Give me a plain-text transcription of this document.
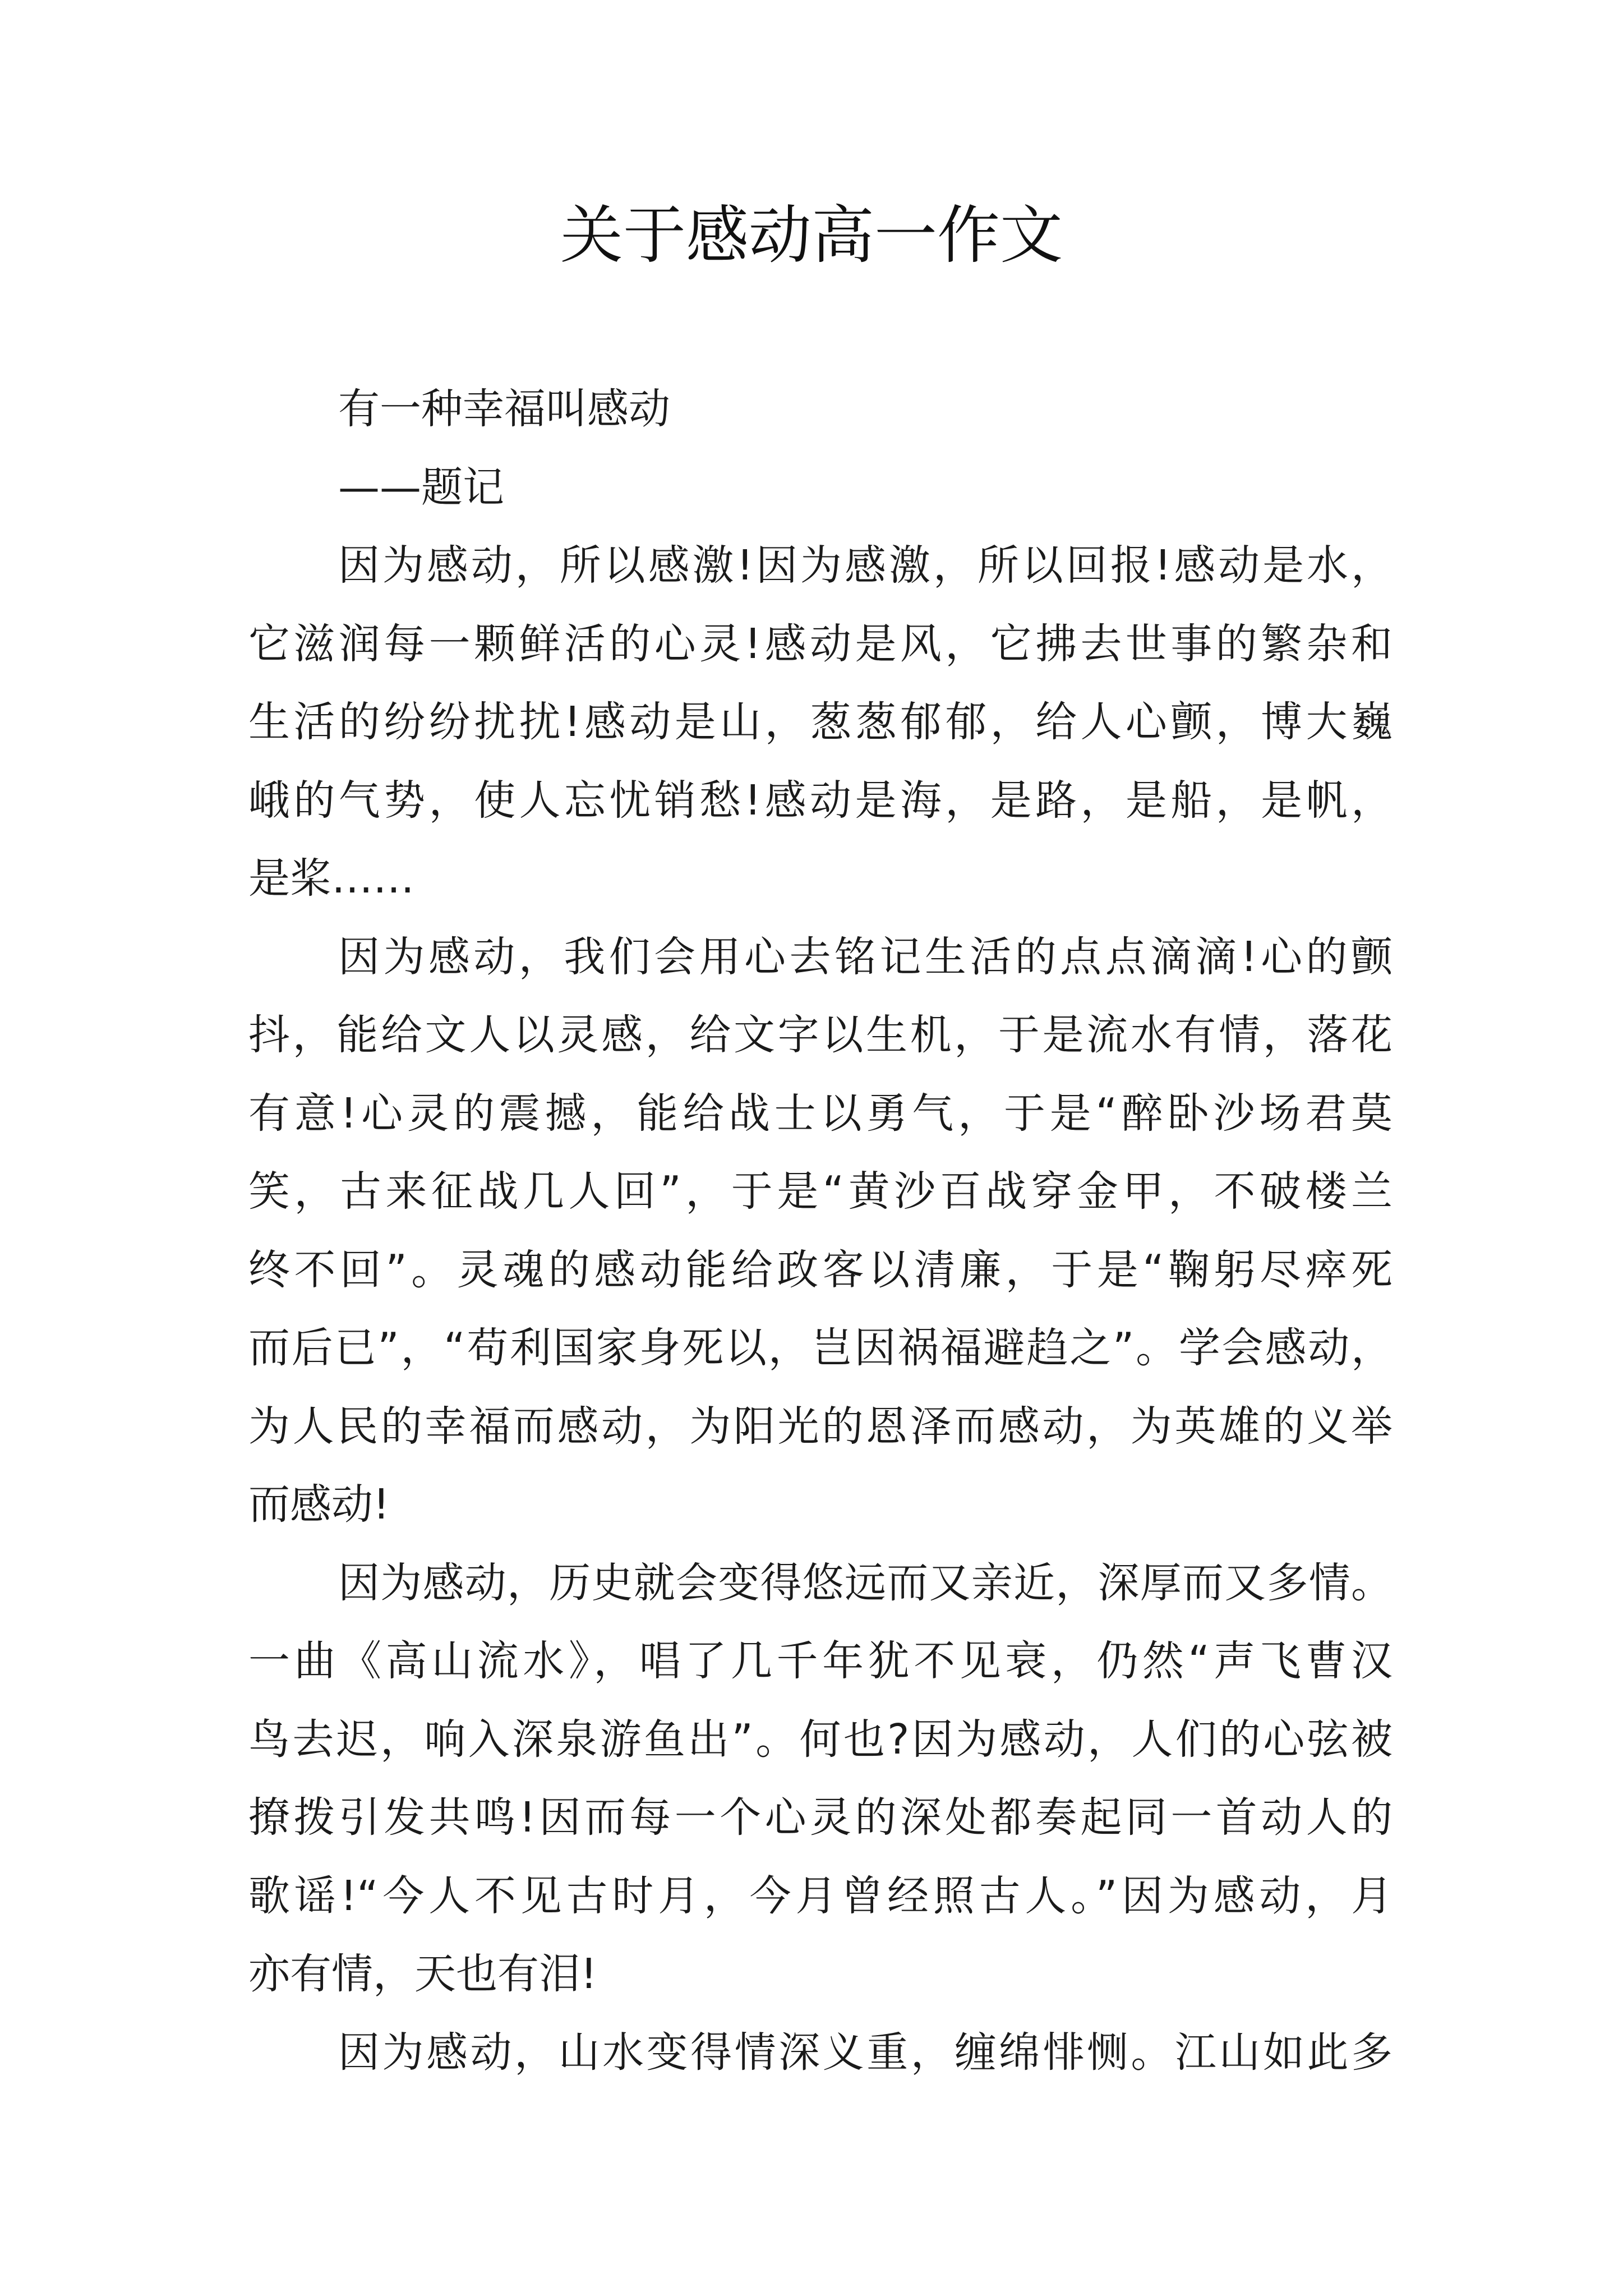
关于感动高一作文
有一种幸福叫感动
——题记
因为感动，所以感激!因为感激，所以回报!感动是水，
它滋润每一颗鲜活的心灵!感动是风，它拂去世事的繁杂和
生活的纷纷扰扰!感动是山，葱葱郁郁，给人心颤，博大巍
峨的气势，使人忘忧销愁!感动是海，是路，是船，是帆，
是桨……
因为感动，我们会用心去铭记生活的点点滴滴!心的颤
抖，能给文人以灵感，给文字以生机，于是流水有情，落花
有意!心灵的震撼，能给战士以勇气，于是“醉卧沙场君莫
笑，古来征战几人回”，于是“黄沙百战穿金甲，不破楼兰
终不回”。灵魂的感动能给政客以清廉，于是“鞠躬尽瘁死
而后已”，“苟利国家身死以，岂因祸福避趋之”。学会感动，
为人民的幸福而感动，为阳光的恩泽而感动，为英雄的义举
而感动!
因为感动，历史就会变得悠远而又亲近，深厚而又多情。
一曲《高山流水》，唱了几千年犹不见衰，仍然“声飞曹汉
鸟去迟，响入深泉游鱼出”。何也?因为感动，人们的心弦被
撩拨引发共鸣!因而每一个心灵的深处都奏起同一首动人的
歌谣!“今人不见古时月，今月曾经照古人。”因为感动，月
亦有情，天也有泪!
因为感动，山水变得情深义重，缠绵悱恻。江山如此多
